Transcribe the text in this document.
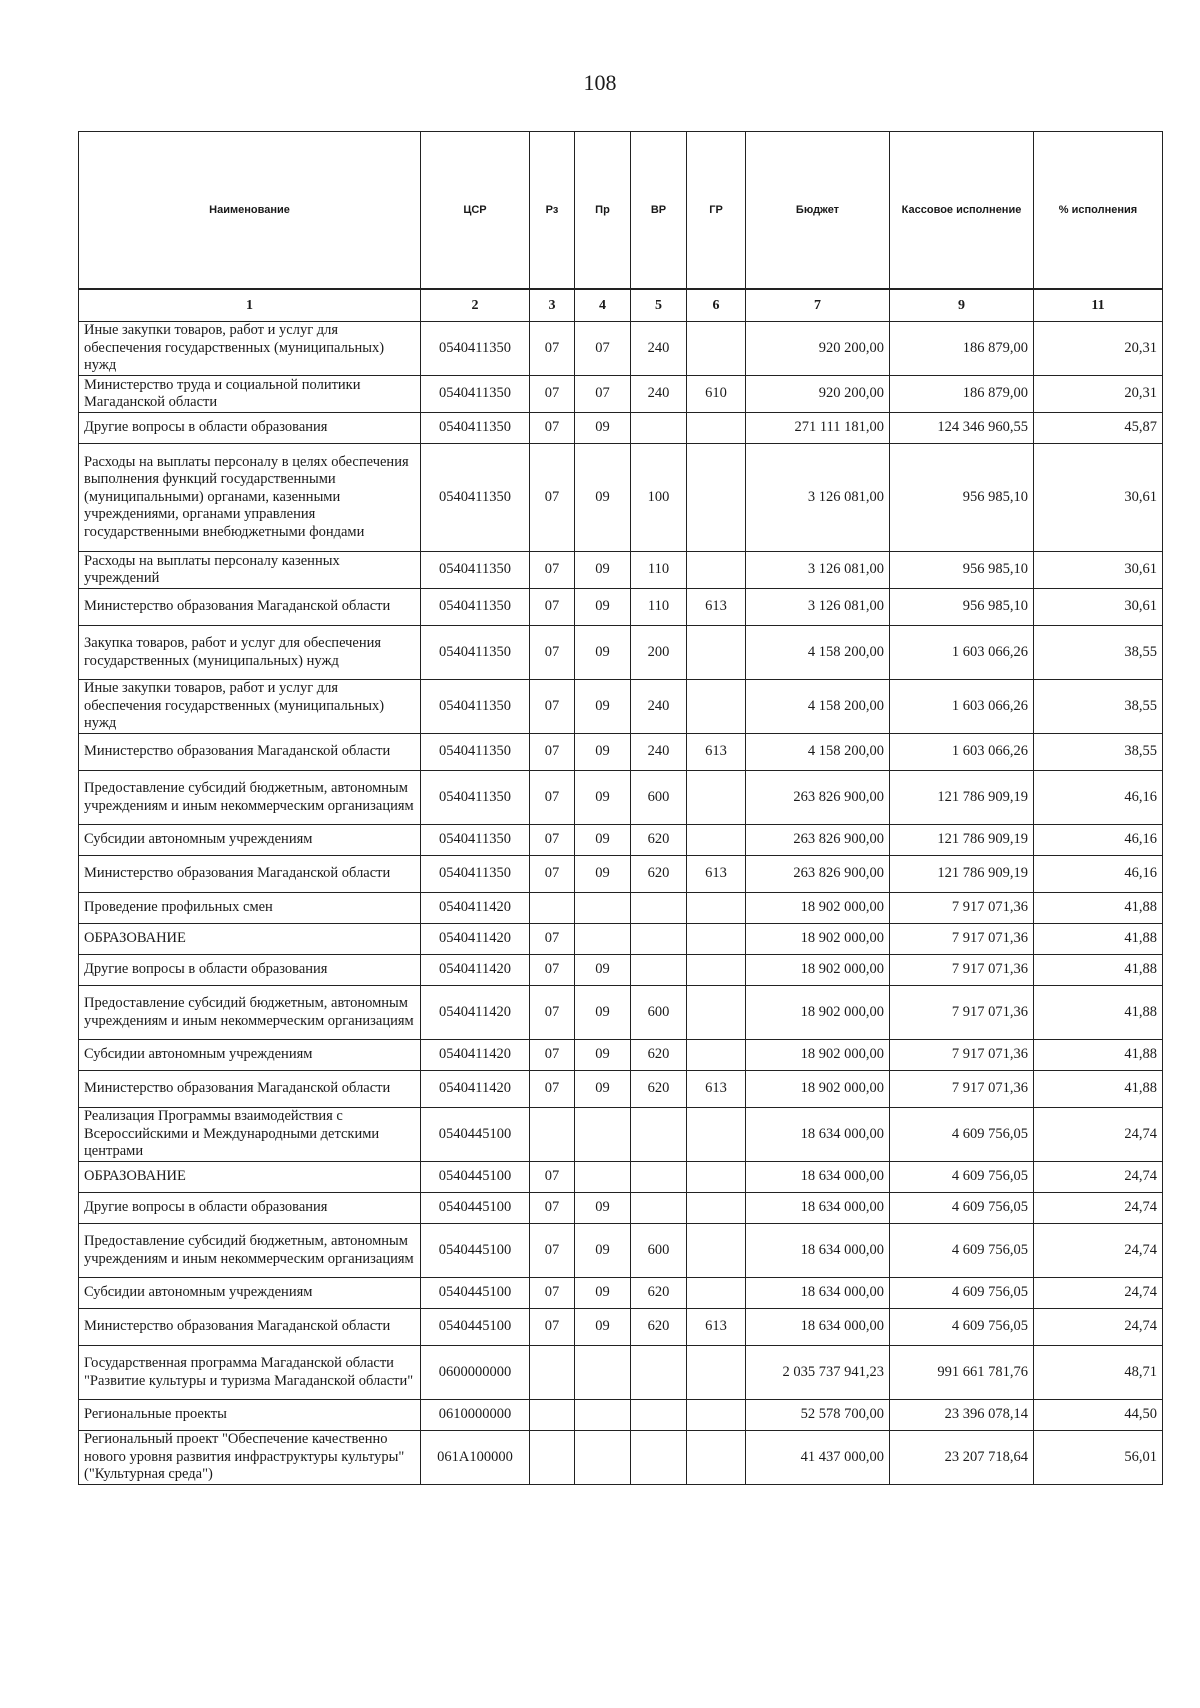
108
Наименование	ЦСР	Рз	Пр	ВР	ГР	Бюджет	Кассовое исполнение	% исполнения
1	2	3	4	5	6	7	9	11
Иные закупки товаров, работ и услуг для обеспечения государственных (муниципальных) нужд	0540411350	07	07	240		920 200,00	186 879,00	20,31
Министерство труда и социальной политики Магаданской области	0540411350	07	07	240	610	920 200,00	186 879,00	20,31
Другие вопросы в области образования	0540411350	07	09			271 111 181,00	124 346 960,55	45,87
Расходы на выплаты персоналу в целях обеспечения выполнения функций государственными (муниципальными) органами, казенными учреждениями, органами управления государственными внебюджетными фондами	0540411350	07	09	100		3 126 081,00	956 985,10	30,61
Расходы на выплаты персоналу казенных учреждений	0540411350	07	09	110		3 126 081,00	956 985,10	30,61
Министерство образования Магаданской области	0540411350	07	09	110	613	3 126 081,00	956 985,10	30,61
Закупка товаров, работ и услуг для обеспечения государственных (муниципальных) нужд	0540411350	07	09	200		4 158 200,00	1 603 066,26	38,55
Иные закупки товаров, работ и услуг для обеспечения государственных (муниципальных) нужд	0540411350	07	09	240		4 158 200,00	1 603 066,26	38,55
Министерство образования Магаданской области	0540411350	07	09	240	613	4 158 200,00	1 603 066,26	38,55
Предоставление субсидий бюджетным, автономным учреждениям и иным некоммерческим организациям	0540411350	07	09	600		263 826 900,00	121 786 909,19	46,16
Субсидии автономным учреждениям	0540411350	07	09	620		263 826 900,00	121 786 909,19	46,16
Министерство образования Магаданской области	0540411350	07	09	620	613	263 826 900,00	121 786 909,19	46,16
Проведение профильных смен	0540411420					18 902 000,00	7 917 071,36	41,88
ОБРАЗОВАНИЕ	0540411420	07				18 902 000,00	7 917 071,36	41,88
Другие вопросы в области образования	0540411420	07	09			18 902 000,00	7 917 071,36	41,88
Предоставление субсидий бюджетным, автономным учреждениям и иным некоммерческим организациям	0540411420	07	09	600		18 902 000,00	7 917 071,36	41,88
Субсидии автономным учреждениям	0540411420	07	09	620		18 902 000,00	7 917 071,36	41,88
Министерство образования Магаданской области	0540411420	07	09	620	613	18 902 000,00	7 917 071,36	41,88
Реализация Программы взаимодействия с Всероссийскими и Международными детскими центрами	0540445100					18 634 000,00	4 609 756,05	24,74
ОБРАЗОВАНИЕ	0540445100	07				18 634 000,00	4 609 756,05	24,74
Другие вопросы в области образования	0540445100	07	09			18 634 000,00	4 609 756,05	24,74
Предоставление субсидий бюджетным, автономным учреждениям и иным некоммерческим организациям	0540445100	07	09	600		18 634 000,00	4 609 756,05	24,74
Субсидии автономным учреждениям	0540445100	07	09	620		18 634 000,00	4 609 756,05	24,74
Министерство образования Магаданской области	0540445100	07	09	620	613	18 634 000,00	4 609 756,05	24,74
Государственная программа Магаданской области "Развитие культуры и туризма Магаданской области"	0600000000					2 035 737 941,23	991 661 781,76	48,71
Региональные проекты	0610000000					52 578 700,00	23 396 078,14	44,50
Региональный проект "Обеспечение качественно нового уровня развития инфраструктуры культуры" ("Культурная среда")	061A100000					41 437 000,00	23 207 718,64	56,01
